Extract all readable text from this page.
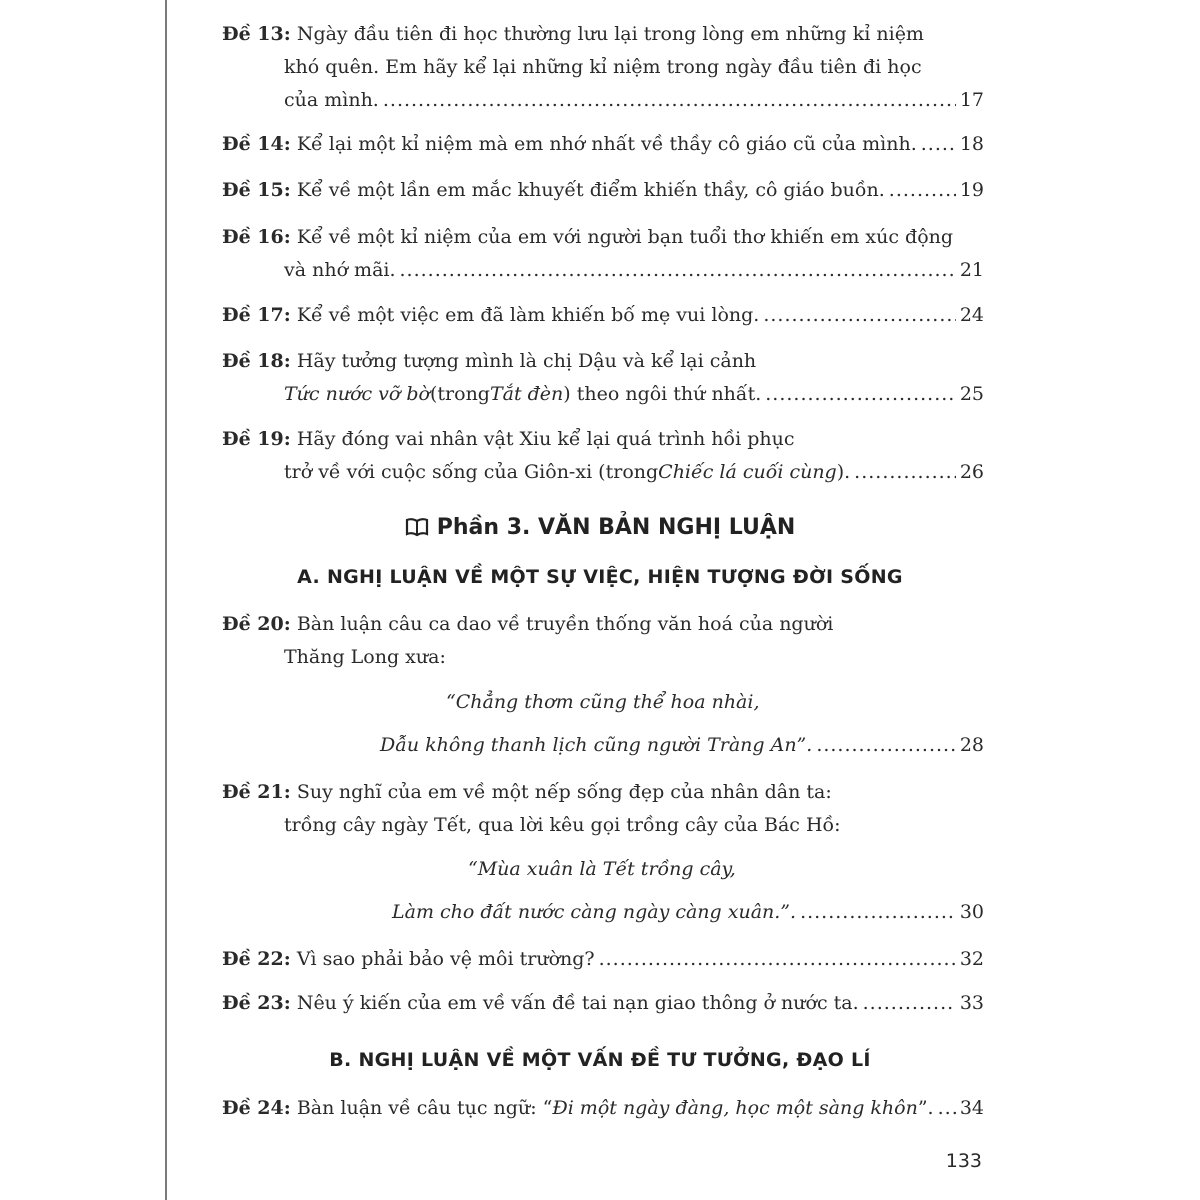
Đề 13:
Ngày đầu tiên đi học thường lưu lại trong lòng em những kỉ niệm
khó quên. Em hãy kể lại những kỉ niệm trong ngày đầu tiên đi học
của mình. .....	17
Đề 14:
Kể lại một kỉ niệm mà em nhớ nhất về thầy cô giáo cũ của mình. ..... 18
Đề 15:
Kể về một lần em mắc khuyết điểm khiến thầy, cô giáo buồn. .....	19
Đề 16:
Kể về một kỉ niệm của em với người bạn tuổi thơ khiến em xúc động
và nhớ mãi. .....	21
Đề 17:
Kể về một việc em đã làm khiến bố mẹ vui lòng. .....	24
Đề 18:
Hãy tưởng tượng mình là chị Dậu và kể lại cảnh
Tức nước vỡ bờ (trong Tắt đèn ) theo ngôi thứ nhất. .....	25
Đề 19:
Hãy đóng vai nhân vật Xiu kể lại quá trình hồi phục
trở về với cuộc sống của Giôn-xi (trong Chiếc lá cuối cùng ). .....	26
Phần 3. VĂN BẢN NGHỊ LUẬN
A. NGHỊ LUẬN VỀ MỘT SỰ VIỆC, HIỆN TƯỢNG ĐỜI SỐNG
Đề 20:
Bàn luận câu ca dao về truyền thống văn hoá của người
Thăng Long xưa:
“Chẳng thơm cũng thể hoa nhài,
Dẫu không thanh lịch cũng người Tràng An”. .....	28
Đề 21:
Suy nghĩ của em về một nếp sống đẹp của nhân dân ta:
trồng cây ngày Tết, qua lời kêu gọi trồng cây của Bác Hồ:
“Mùa xuân là Tết trồng cây,
Làm cho đất nước càng ngày càng xuân.”. .....	30
Đề 22:
Vì sao phải bảo vệ môi trường? .....	32
Đề 23:
Nêu ý kiến của em về vấn đề tai nạn giao thông ở nước ta. .....	33
B. NGHỊ LUẬN VỀ MỘT VẤN ĐỀ TƯ TƯỞNG, ĐẠO LÍ
Đề 24:
Bàn luận về câu tục ngữ: “ Đi một ngày đàng, học một sàng khôn ”. ..... 34
133
